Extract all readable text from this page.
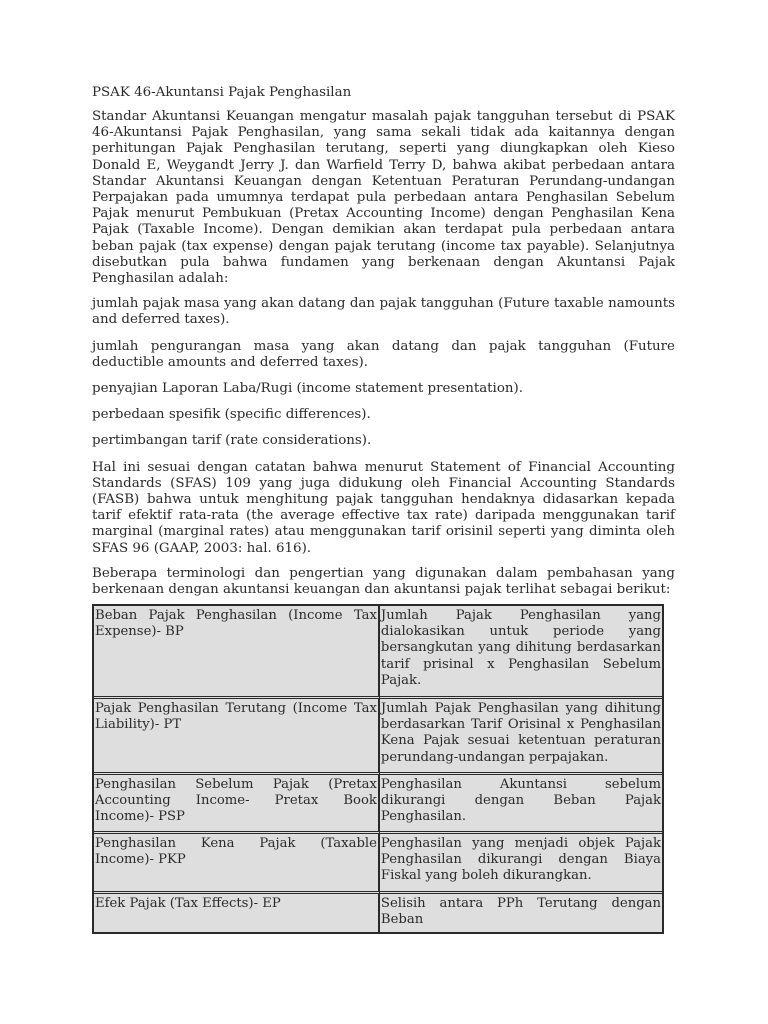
PSAK 46-Akuntansi Pajak Penghasilan

Standar Akuntansi Keuangan mengatur masalah pajak tangguhan tersebut di PSAK 46-Akuntansi Pajak Penghasilan, yang sama sekali tidak ada kaitannya dengan perhitungan Pajak Penghasilan terutang, seperti yang diungkapkan oleh Kieso Donald E, Weygandt Jerry J. dan Warfield Terry D, bahwa akibat perbedaan antara Standar Akuntansi Keuangan dengan Ketentuan Peraturan Perundang-undangan Perpajakan pada umumnya terdapat pula perbedaan antara Penghasilan Sebelum Pajak menurut Pembukuan (Pretax Accounting Income) dengan Penghasilan Kena Pajak (Taxable Income). Dengan demikian akan terdapat pula perbedaan antara beban pajak (tax expense) dengan pajak terutang (income tax payable). Selanjutnya disebutkan pula bahwa fundamen yang berkenaan dengan Akuntansi Pajak Penghasilan adalah:

jumlah pajak masa yang akan datang dan pajak tangguhan (Future taxable namounts and deferred taxes).

jumlah pengurangan masa yang akan datang dan pajak tangguhan (Future deductible amounts and deferred taxes).

penyajian Laporan Laba/Rugi (income statement presentation).

perbedaan spesifik (specific differences).

pertimbangan tarif (rate considerations).

Hal ini sesuai dengan catatan bahwa menurut Statement of Financial Accounting Standards (SFAS) 109 yang juga didukung oleh Financial Accounting Standards (FASB) bahwa untuk menghitung pajak tangguhan hendaknya didasarkan kepada tarif efektif rata-rata (the average effective tax rate) daripada menggunakan tarif marginal (marginal rates) atau menggunakan tarif orisinil seperti yang diminta oleh SFAS 96 (GAAP, 2003: hal. 616).

Beberapa terminologi dan pengertian yang digunakan dalam pembahasan yang berkenaan dengan akuntansi keuangan dan akuntansi pajak terlihat sebagai berikut:

Beban Pajak Penghasilan (Income Tax Expense)- BP	Jumlah Pajak Penghasilan yang dialokasikan untuk periode yang bersangkutan yang dihitung berdasarkan tarif prisinal x Penghasilan Sebelum Pajak.
Pajak Penghasilan Terutang (Income Tax Liability)- PT	Jumlah Pajak Penghasilan yang dihitung berdasarkan Tarif Orisinal x Penghasilan Kena Pajak sesuai ketentuan peraturan perundang-undangan perpajakan.
Penghasilan Sebelum Pajak (Pretax Accounting Income- Pretax Book Income)- PSP	Penghasilan Akuntansi sebelum dikurangi dengan Beban Pajak Penghasilan.
Penghasilan Kena Pajak (Taxable Income)- PKP	Penghasilan yang menjadi objek Pajak Penghasilan dikurangi dengan Biaya Fiskal yang boleh dikurangkan.
Efek Pajak (Tax Effects)- EP	Selisih antara PPh Terutang dengan Beban
